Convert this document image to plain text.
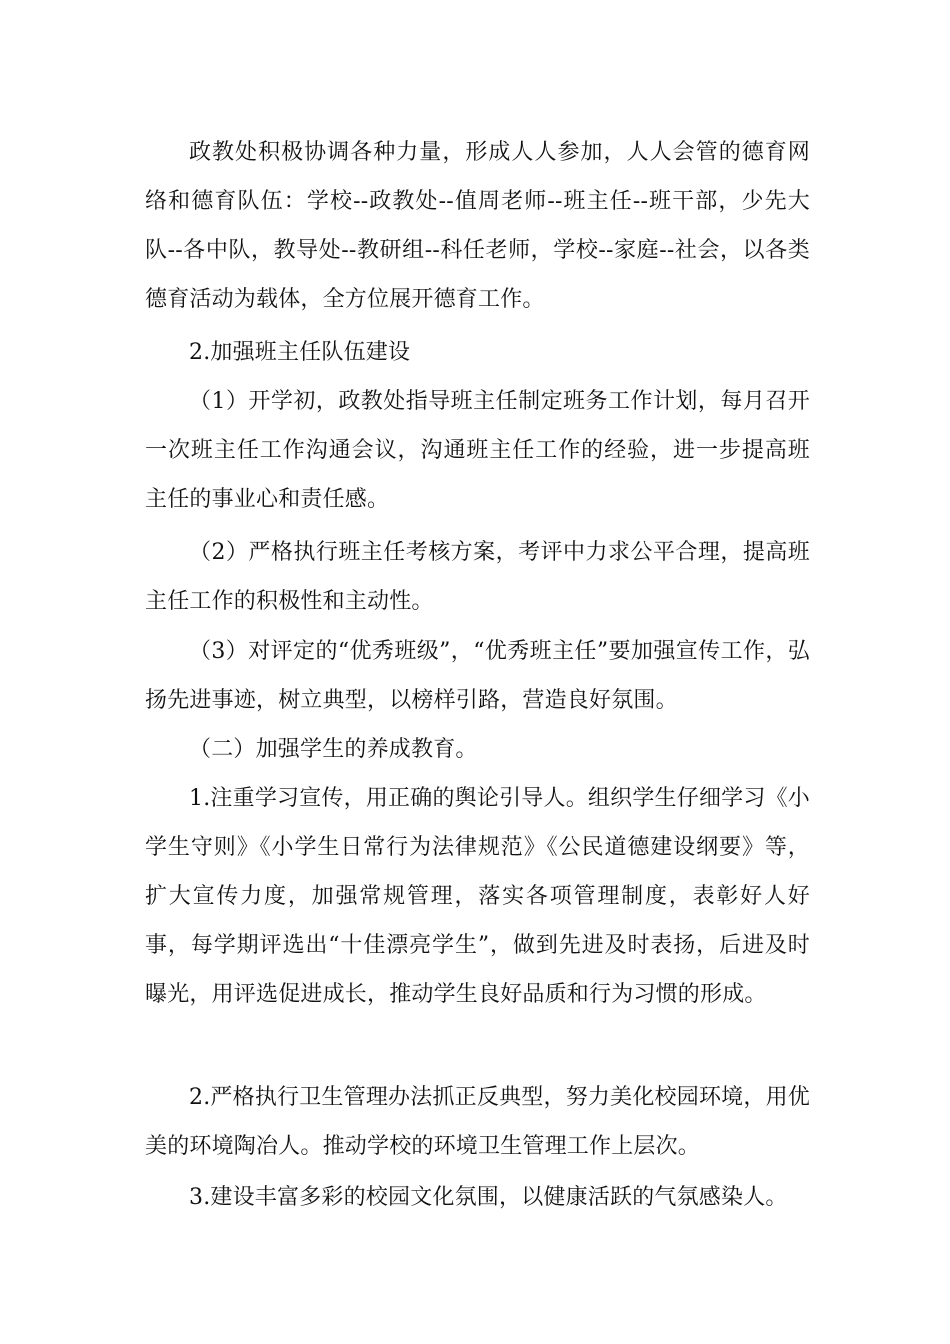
政教处积极协调各种力量，形成人人参加，人人会管的德育网络和德育队伍：学校--政教处--值周老师--班主任--班干部，少先大队--各中队，教导处--教研组--科任老师，学校--家庭--社会，以各类德育活动为载体，全方位展开德育工作。

2.加强班主任队伍建设

（1）开学初，政教处指导班主任制定班务工作计划，每月召开一次班主任工作沟通会议，沟通班主任工作的经验，进一步提高班主任的事业心和责任感。

（2）严格执行班主任考核方案，考评中力求公平合理，提高班主任工作的积极性和主动性。

（3）对评定的“优秀班级”，“优秀班主任”要加强宣传工作，弘扬先进事迹，树立典型，以榜样引路，营造良好氛围。

（二）加强学生的养成教育。

1.注重学习宣传，用正确的舆论引导人。组织学生仔细学习《小学生守则》《小学生日常行为法律规范》《公民道德建设纲要》等，扩大宣传力度，加强常规管理，落实各项管理制度，表彰好人好事，每学期评选出“十佳漂亮学生”，做到先进及时表扬，后进及时曝光，用评选促进成长，推动学生良好品质和行为习惯的形成。

2.严格执行卫生管理办法抓正反典型，努力美化校园环境，用优美的环境陶冶人。推动学校的环境卫生管理工作上层次。

3.建设丰富多彩的校园文化氛围，以健康活跃的气氛感染人。
